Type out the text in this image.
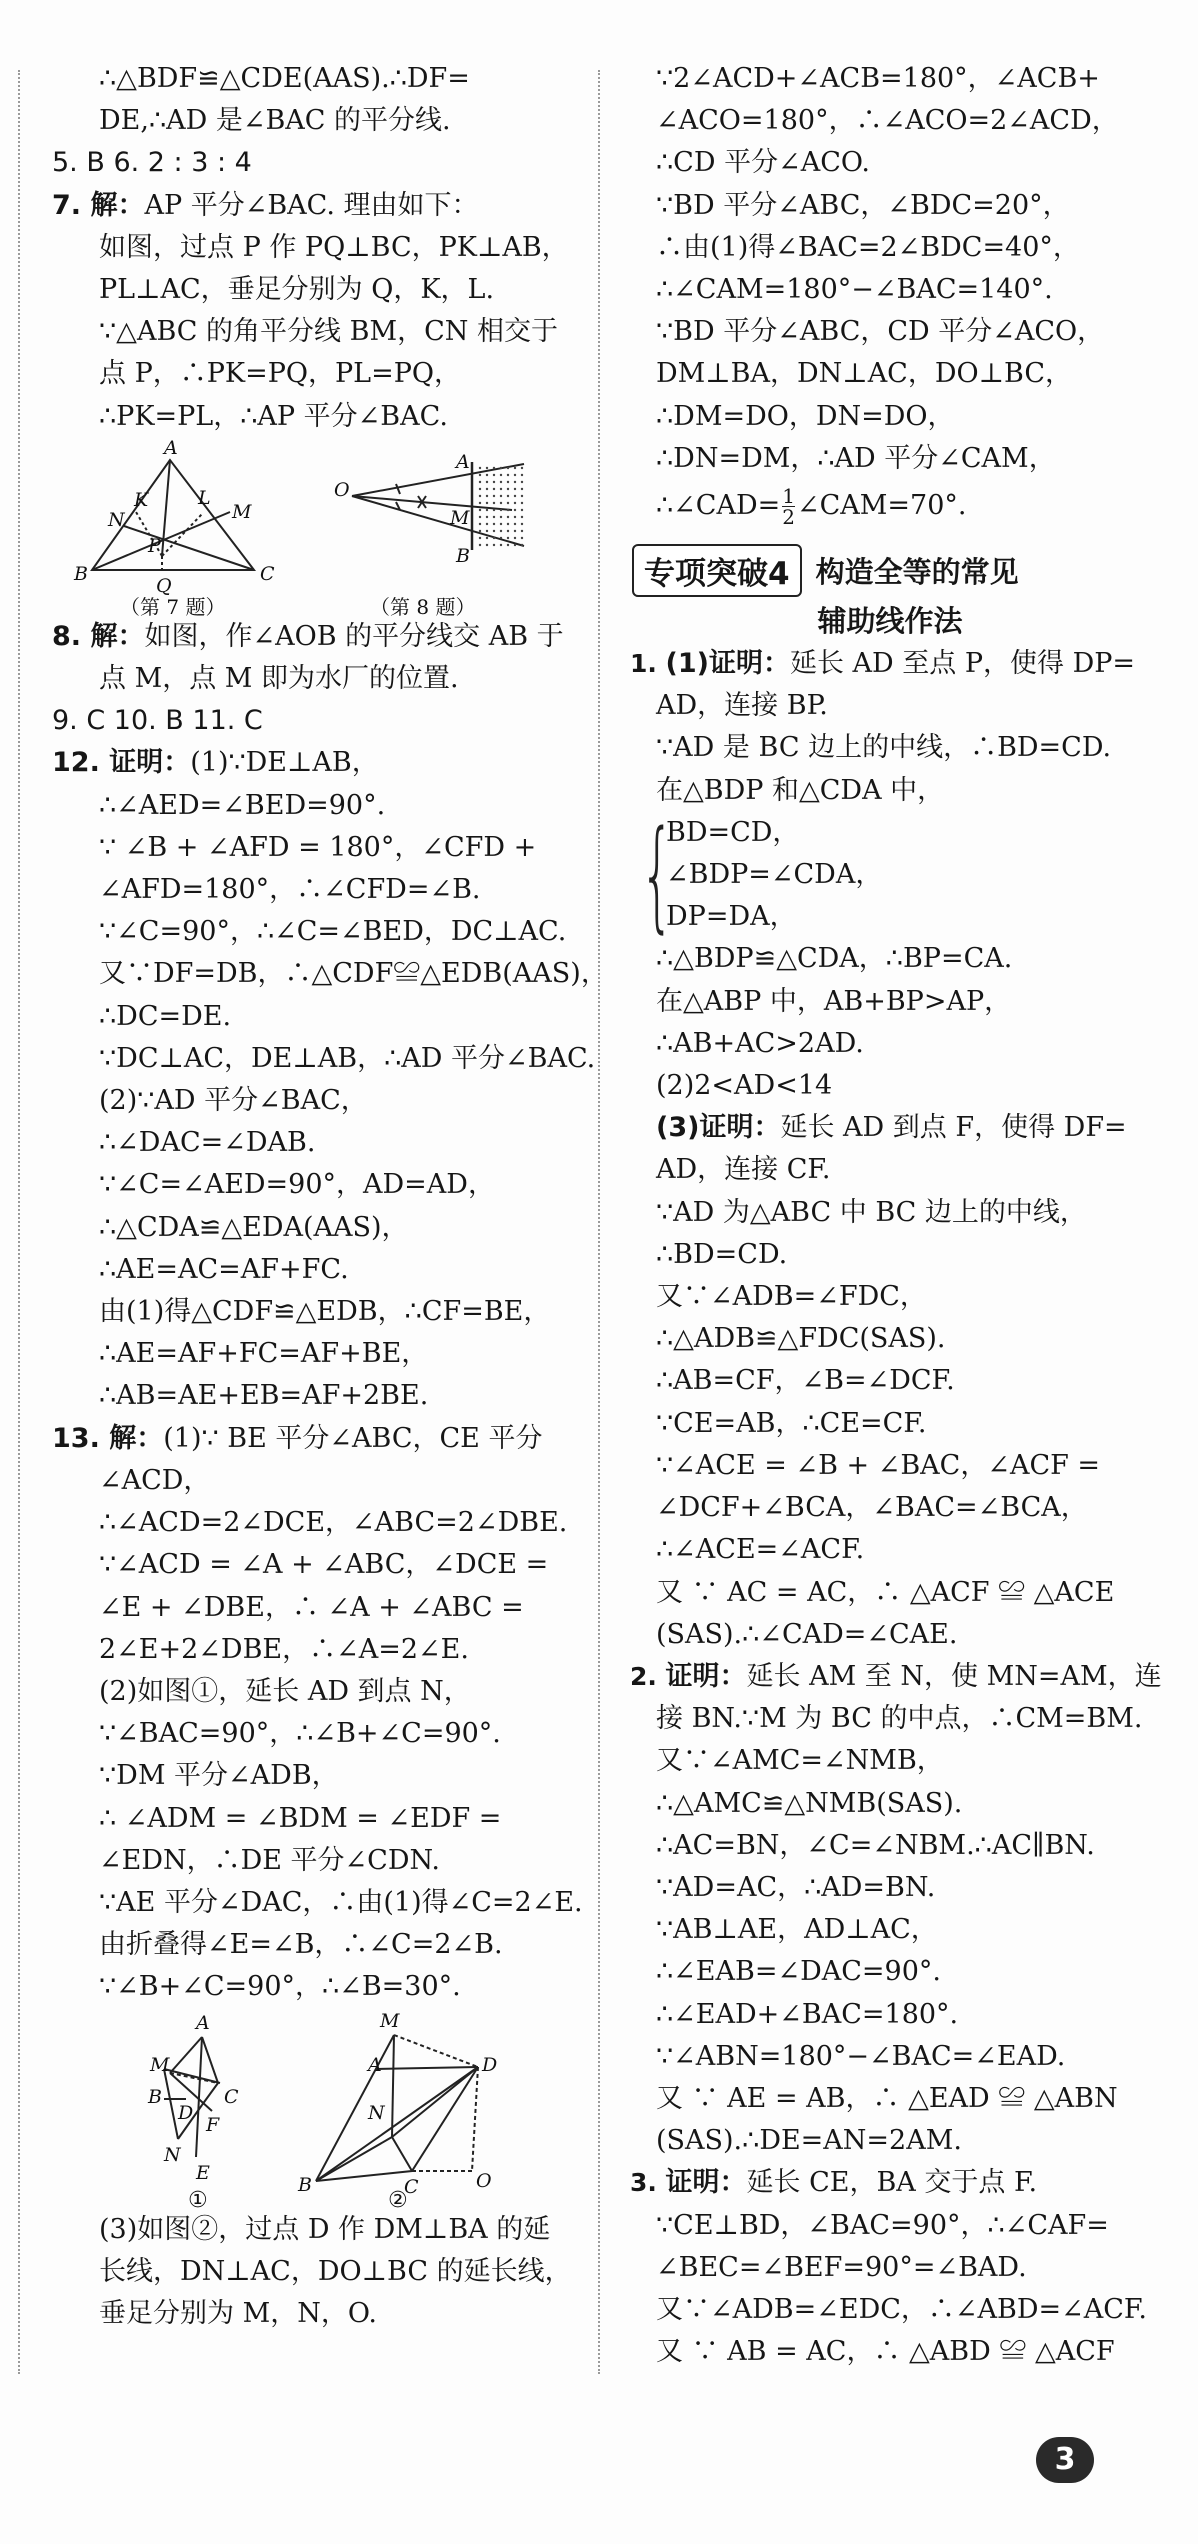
∴△BDF≌△CDE(AAS).∴DF=
DE,∴AD 是∠BAC 的平分线.
5. B 6. 2 : 3 : 4
7. 解：AP 平分∠BAC. 理由如下：
如图，过点 P 作 PQ⊥BC，PK⊥AB，
PL⊥AC，垂足分别为 Q，K，L.
∵△ABC 的角平分线 BM，CN 相交于
点 P，∴PK=PQ，PL=PQ，
∴PK=PL，∴AP 平分∠BAC.
A
B	C
K	L
M
N
P
Q
O
A
B
M
（第 7 题）	（第 8 题）
8. 解：如图，作∠AOB 的平分线交 AB 于
点 M，点 M 即为水厂的位置.
9. C 10. B 11. C
12. 证明：(1)∵DE⊥AB，
∴∠AED=∠BED=90°.
∵ ∠B + ∠AFD = 180°，∠CFD +
∠AFD=180°，∴∠CFD=∠B.
∵∠C=90°，∴∠C=∠BED，DC⊥AC.
又∵DF=DB，∴△CDF≌△EDB(AAS)，
∴DC=DE.
∵DC⊥AC，DE⊥AB，∴AD 平分∠BAC.
(2)∵AD 平分∠BAC，
∴∠DAC=∠DAB.
∵∠C=∠AED=90°，AD=AD，
∴△CDA≌△EDA(AAS)，
∴AE=AC=AF+FC.
由(1)得△CDF≌△EDB，∴CF=BE，
∴AE=AF+FC=AF+BE，
∴AB=AE+EB=AF+2BE.
13. 解：(1)∵ BE 平分∠ABC，CE 平分
∠ACD，
∴∠ACD=2∠DCE，∠ABC=2∠DBE.
∵∠ACD = ∠A + ∠ABC，∠DCE =
∠E + ∠DBE，∴ ∠A + ∠ABC =
2∠E+2∠DBE，∴∠A=2∠E.
(2)如图①，延长 AD 到点 N，
∵∠BAC=90°，∴∠B+∠C=90°.
∵DM 平分∠ADB，
∴ ∠ADM = ∠BDM = ∠EDF =
∠EDN，∴DE 平分∠CDN.
∵AE 平分∠DAC，∴由(1)得∠C=2∠E.
由折叠得∠E=∠B，∴∠C=2∠B.
∵∠B+∠C=90°，∴∠B=30°.
A
B	C
D
E
F
M
N
M
A	D
N
B	C	O
①	②
(3)如图②，过点 D 作 DM⊥BA 的延
长线，DN⊥AC，DO⊥BC 的延长线，
垂足分别为 M，N，O.
∵2∠ACD+∠ACB=180°，∠ACB+
∠ACO=180°，∴∠ACO=2∠ACD，
∴CD 平分∠ACO.
∵BD 平分∠ABC，∠BDC=20°，
∴由(1)得∠BAC=2∠BDC=40°，
∴∠CAM=180°−∠BAC=140°.
∵BD 平分∠ABC，CD 平分∠ACO，
DM⊥BA，DN⊥AC，DO⊥BC，
∴DM=DO，DN=DO，
∴DN=DM，∴AD 平分∠CAM，
∴∠CAD= $\frac{1}{2}$ ∠CAM=70°.
专项突破4 构造全等的常见
辅助线作法
1. (1)证明：延长 AD 至点 P，使得 DP=
AD，连接 BP.
∵AD 是 BC 边上的中线，∴BD=CD.
在△BDP 和△CDA 中，
{
BD=CD，
∠BDP=∠CDA，
DP=DA，
∴△BDP≌△CDA，∴BP=CA.
在△ABP 中，AB+BP>AP，
∴AB+AC>2AD.
(2)2<AD<14
(3)证明：延长 AD 到点 F，使得 DF=
AD，连接 CF.
∵AD 为△ABC 中 BC 边上的中线，
∴BD=CD.
又∵∠ADB=∠FDC，
∴△ADB≌△FDC(SAS).
∴AB=CF，∠B=∠DCF.
∵CE=AB，∴CE=CF.
∵∠ACE = ∠B + ∠BAC，∠ACF =
∠DCF+∠BCA，∠BAC=∠BCA，
∴∠ACE=∠ACF.
又 ∵ AC = AC，∴ △ACF ≌ △ACE
(SAS).∴∠CAD=∠CAE.
2. 证明：延长 AM 至 N，使 MN=AM，连
接 BN.∵M 为 BC 的中点，∴CM=BM.
又∵∠AMC=∠NMB，
∴△AMC≌△NMB(SAS).
∴AC=BN，∠C=∠NBM.∴AC∥BN.
∵AD=AC，∴AD=BN.
∵AB⊥AE，AD⊥AC，
∴∠EAB=∠DAC=90°.
∴∠EAD+∠BAC=180°.
∵∠ABN=180°−∠BAC=∠EAD.
又 ∵ AE = AB，∴ △EAD ≌ △ABN
(SAS).∴DE=AN=2AM.
3. 证明：延长 CE，BA 交于点 F.
∵CE⊥BD，∠BAC=90°，∴∠CAF=
∠BEC=∠BEF=90°=∠BAD.
又∵∠ADB=∠EDC，∴∠ABD=∠ACF.
又 ∵ AB = AC，∴ △ABD ≌ △ACF
3
